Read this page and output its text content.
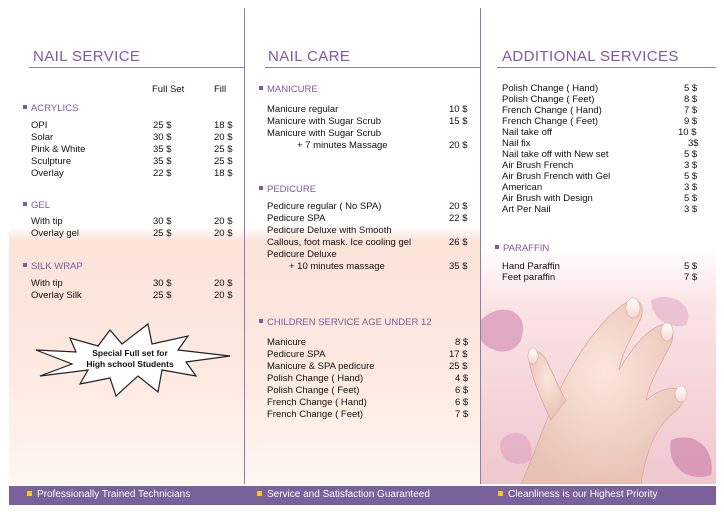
NAIL SERVICE
Full Set	Fill
ACRYLICS
OPI	25 $	18 $
Solar	30 $	20 $
Pink & White	35 $	25 $
Sculpture	35 $	25 $
Overlay	22 $	18 $
GEL
With tip	30 $	20 $
Overlay gel	25 $	20 $
SILK WRAP
With tip	30 $	20 $
Overlay Silk	25 $	20 $
Special Full set for
High school Students
NAIL CARE
MANICURE
Manicure regular	10 $
Manicure with Sugar Scrub	15 $
Manicure with Sugar Scrub
+ 7 minutes Massage	20 $
PEDICURE
Pedicure regular ( No SPA)	20 $
Pedicure SPA	22 $
Pedicure Deluxe with Smooth
Callous, foot mask. Ice cooling gel	26 $
Pedicure Deluxe
+ 10 minutes massage	35 $
CHILDREN SERVICE AGE UNDER 12
Manicure	8 $
Pedicure SPA	17 $
Manicure & SPA pedicure	25 $
Polish Change ( Hand)	4 $
Polish Change ( Feet)	6 $
French Change ( Hand)	6 $
French Change ( Feet)	7 $
ADDITIONAL SERVICES
Polish Change ( Hand)	5 $
Polish Change ( Feet)	8 $
French Change ( Hand)	7 $
French Change ( Feet)	9 $
Nail take off	10 $
Nail fix	3$
Nail take off with New set	5 $
Air Brush French	3 $
Air Brush French with Gel	5 $
American	3 $
Air Brush with Design	5 $
Art Per Nail	3 $
PARAFFIN
Hand Paraffin	5 $
Feet paraffin	7 $
Professionally Trained Technicians	Service and Satisfaction Guaranteed	Cleanliness is our Highest Priority
